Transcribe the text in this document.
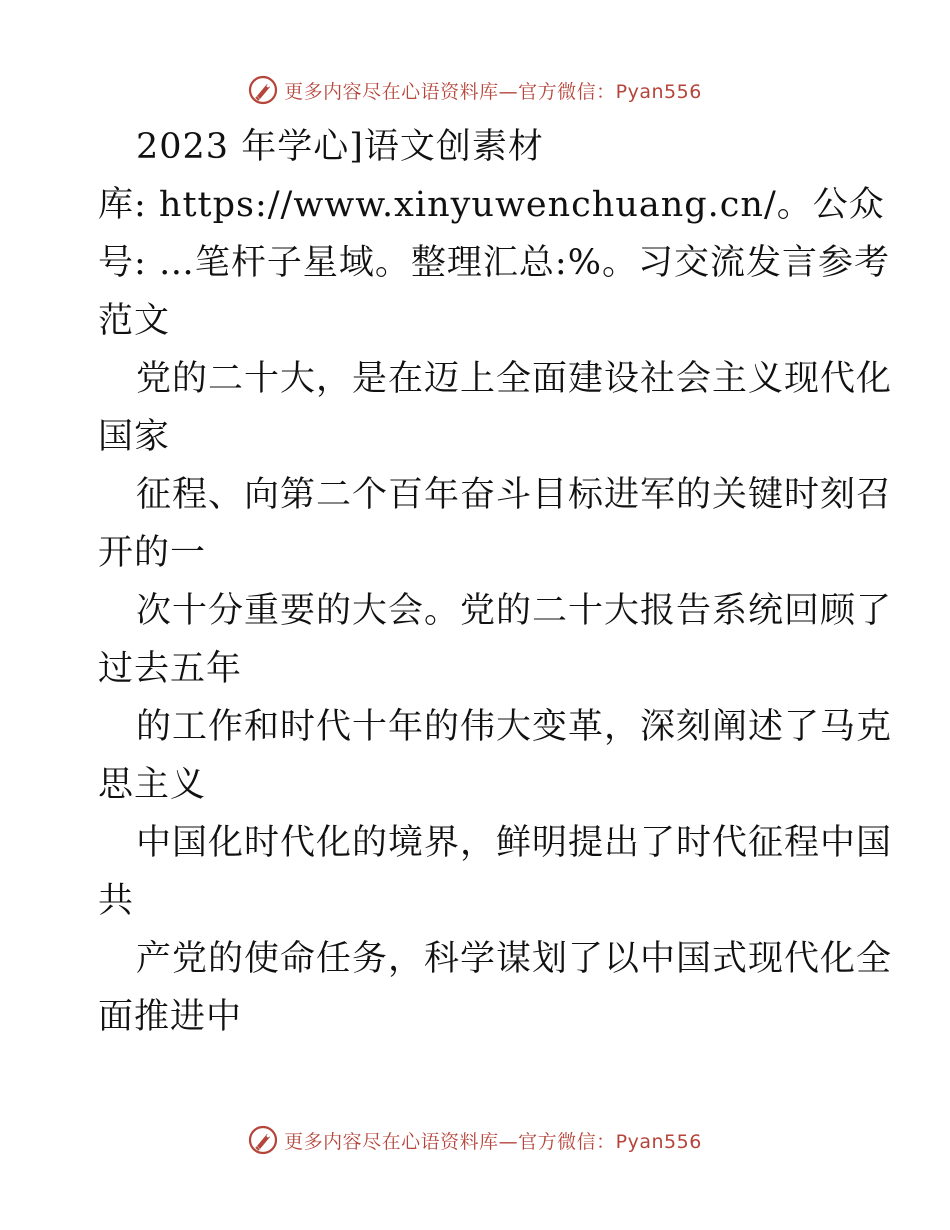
更多内容尽在心语资料库—官方微信：Pyan556
2023 年学心]语文创素材
库: https://www.xinyuwenchuang.cn/。公众
号: …笔杆子星域。整理汇总:%。习交流发言参考
范文
党的二十大，是在迈上全面建设社会主义现代化
国家
征程、向第二个百年奋斗目标进军的关键时刻召
开的一
次十分重要的大会。党的二十大报告系统回顾了
过去五年
的工作和时代十年的伟大变革，深刻阐述了马克
思主义
中国化时代化的境界，鲜明提出了时代征程中国
共
产党的使命任务，科学谋划了以中国式现代化全
面推进中
更多内容尽在心语资料库—官方微信：Pyan556
